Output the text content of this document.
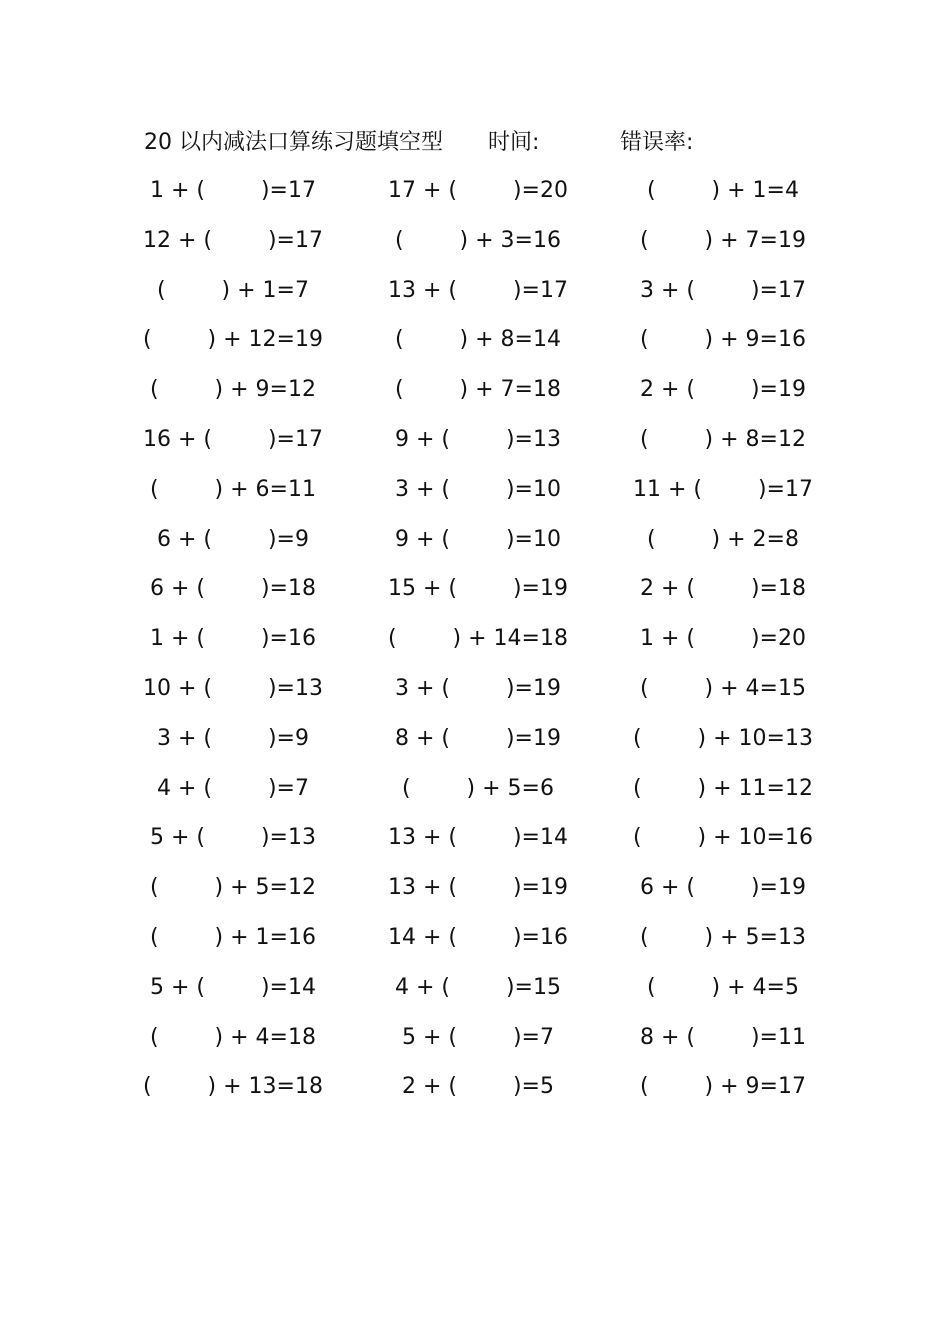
20 以内减法口算练习题填空型 时间:	错误率:
1 + (        )=17	17 + (        )=20	(        ) + 1=4
12 + (        )=17	(        ) + 3=16	(        ) + 7=19
(        ) + 1=7	13 + (        )=17	3 + (        )=17
(        ) + 12=19	(        ) + 8=14	(        ) + 9=16
(        ) + 9=12	(        ) + 7=18	2 + (        )=19
16 + (        )=17	9 + (        )=13	(        ) + 8=12
(        ) + 6=11	3 + (        )=10	11 + (        )=17
6 + (        )=9	9 + (        )=10	(        ) + 2=8
6 + (        )=18	15 + (        )=19	2 + (        )=18
1 + (        )=16	(        ) + 14=18	1 + (        )=20
10 + (        )=13	3 + (        )=19	(        ) + 4=15
3 + (        )=9	8 + (        )=19	(        ) + 10=13
4 + (        )=7	(        ) + 5=6	(        ) + 11=12
5 + (        )=13	13 + (        )=14	(        ) + 10=16
(        ) + 5=12	13 + (        )=19	6 + (        )=19
(        ) + 1=16	14 + (        )=16	(        ) + 5=13
5 + (        )=14	4 + (        )=15	(        ) + 4=5
(        ) + 4=18	5 + (        )=7	8 + (        )=11
(        ) + 13=18	2 + (        )=5	(        ) + 9=17
